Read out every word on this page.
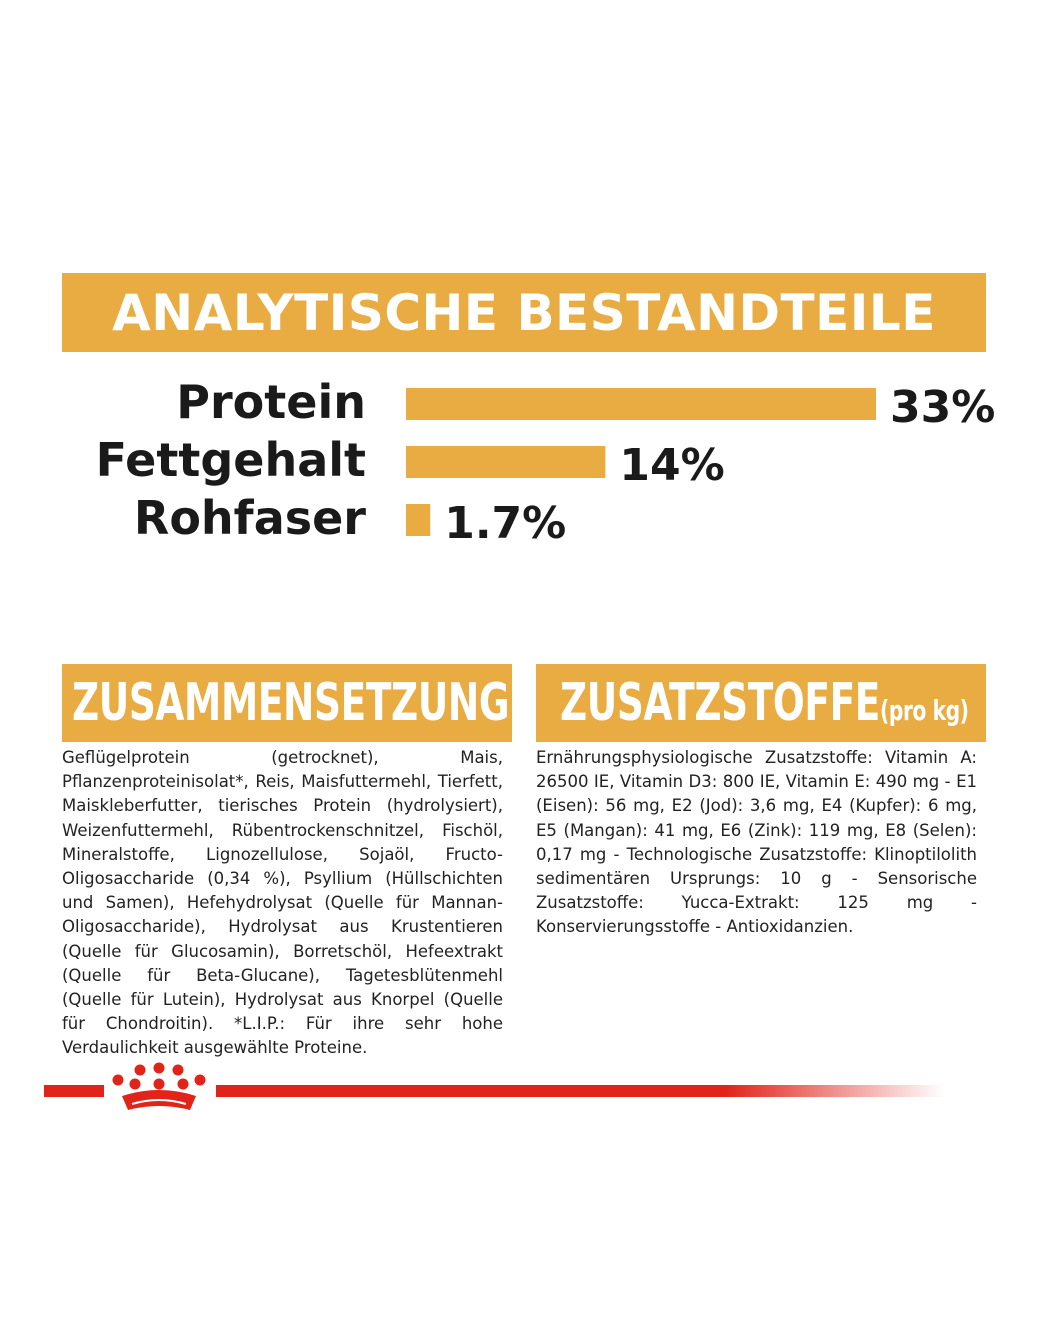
ANALYTISCHE BESTANDTEILE
Protein	33%
Fettgehalt	14%
Rohfaser 1.7%
ZUSAMMENSETZUNG ZUSATZSTOFFE(pro kg)
Geflügelprotein (getrocknet), Mais, Pflanzenproteinisolat*, Reis, Maisfuttermehl, Tierfett, Maiskleberfutter, tierisches Protein (hydrolysiert), Weizenfuttermehl, Rübentrockenschnitzel, Fischöl, Mineralstoffe, Lignozellulose, Sojaöl, Fructo-Oligosaccharide (0,34 %), Psyllium (Hüllschichten und Samen), Hefehydrolysat (Quelle für Mannan-Oligosaccharide), Hydrolysat aus Krustentieren (Quelle für Glucosamin), Borretschöl, Hefeextrakt (Quelle für Beta-Glucane), Tagetesblütenmehl (Quelle für Lutein), Hydrolysat aus Knorpel (Quelle für Chondroitin). *L.I.P.: Für ihre sehr hohe Verdaulichkeit ausgewählte Proteine.
Ernährungsphysiologische Zusatzstoffe: Vitamin A: 26500 IE, Vitamin D3: 800 IE, Vitamin E: 490 mg - E1 (Eisen): 56 mg, E2 (Jod): 3,6 mg, E4 (Kupfer): 6 mg, E5 (Mangan): 41 mg, E6 (Zink): 119 mg, E8 (Selen): 0,17 mg - Technologische Zusatzstoffe: Klinoptilolith sedimentären Ursprungs: 10 g - Sensorische Zusatzstoffe: Yucca-Extrakt: 125 mg - Konservierungsstoffe - Antioxidanzien.
